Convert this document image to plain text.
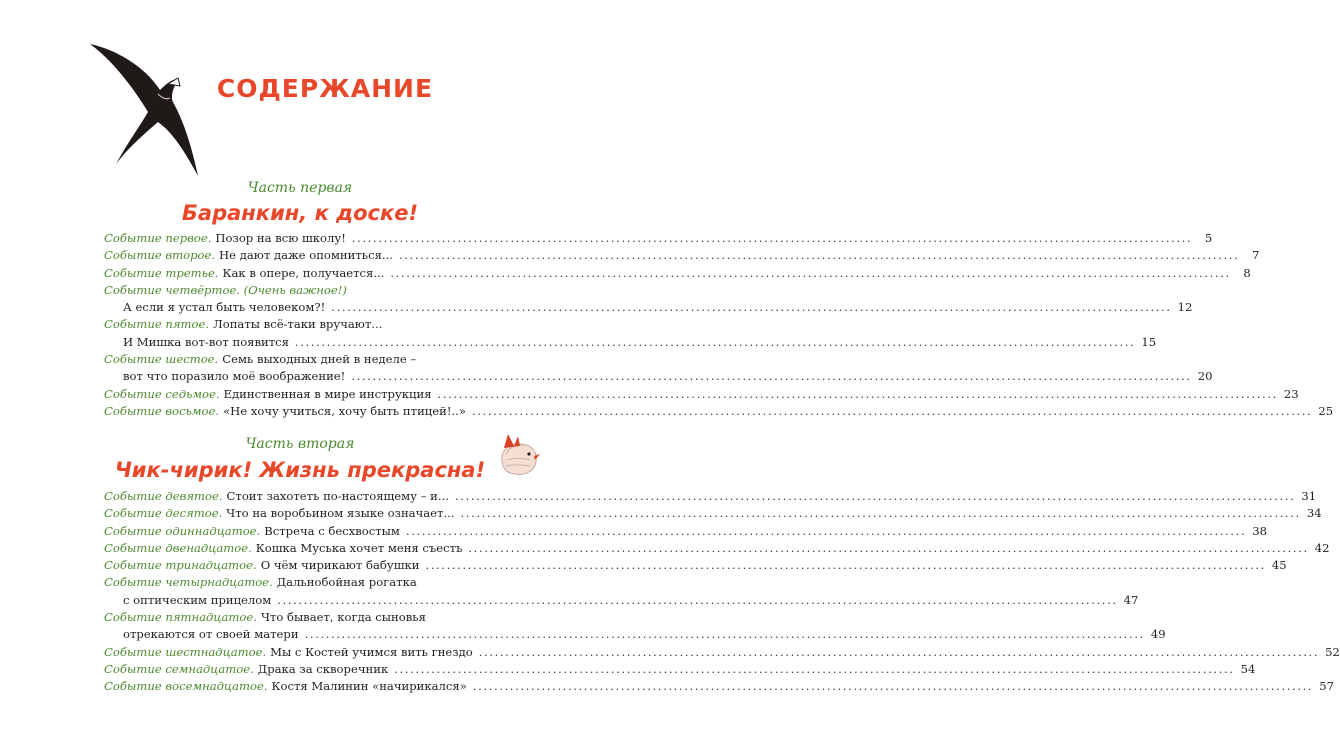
СОДЕРЖАНИЕ
Часть первая
Баранкин, к доске!
Событие первое. Позор на всю школу! .....	5
Событие второе. Не дают даже опомниться... .....	7
Событие третье. Как в опере, получается... .....	8
Событие четвёртое. (Очень важное!)
А если я устал быть человеком?! .....	12
Событие пятое. Лопаты всё-таки вручают...
И Мишка вот-вот появится .....	15
Событие шестое. Семь выходных дней в неделе –
вот что поразило моё воображение! .....	20
Событие седьмое. Единственная в мире инструкция .....	23
Событие восьмое. «Не хочу учиться, хочу быть птицей!..» .....	25
Часть вторая
Чик-чирик! Жизнь прекрасна!
Событие девятое. Стоит захотеть по-настоящему – и... .....	31
Событие десятое. Что на воробьином языке означает... .....	34
Событие одиннадцатое. Встреча с бесхвостым .....	38
Событие двенадцатое. Кошка Муська хочет меня съесть .....	42
Событие тринадцатое. О чём чирикают бабушки .....	45
Событие четырнадцатое. Дальнобойная рогатка
с оптическим прицелом .....	47
Событие пятнадцатое. Что бывает, когда сыновья
отрекаются от своей матери .....	49
Событие шестнадцатое. Мы с Костей учимся вить гнездо .....	52
Событие семнадцатое. Драка за скворечник .....	54
Событие восемнадцатое. Костя Малинин «начирикался» .....	57
